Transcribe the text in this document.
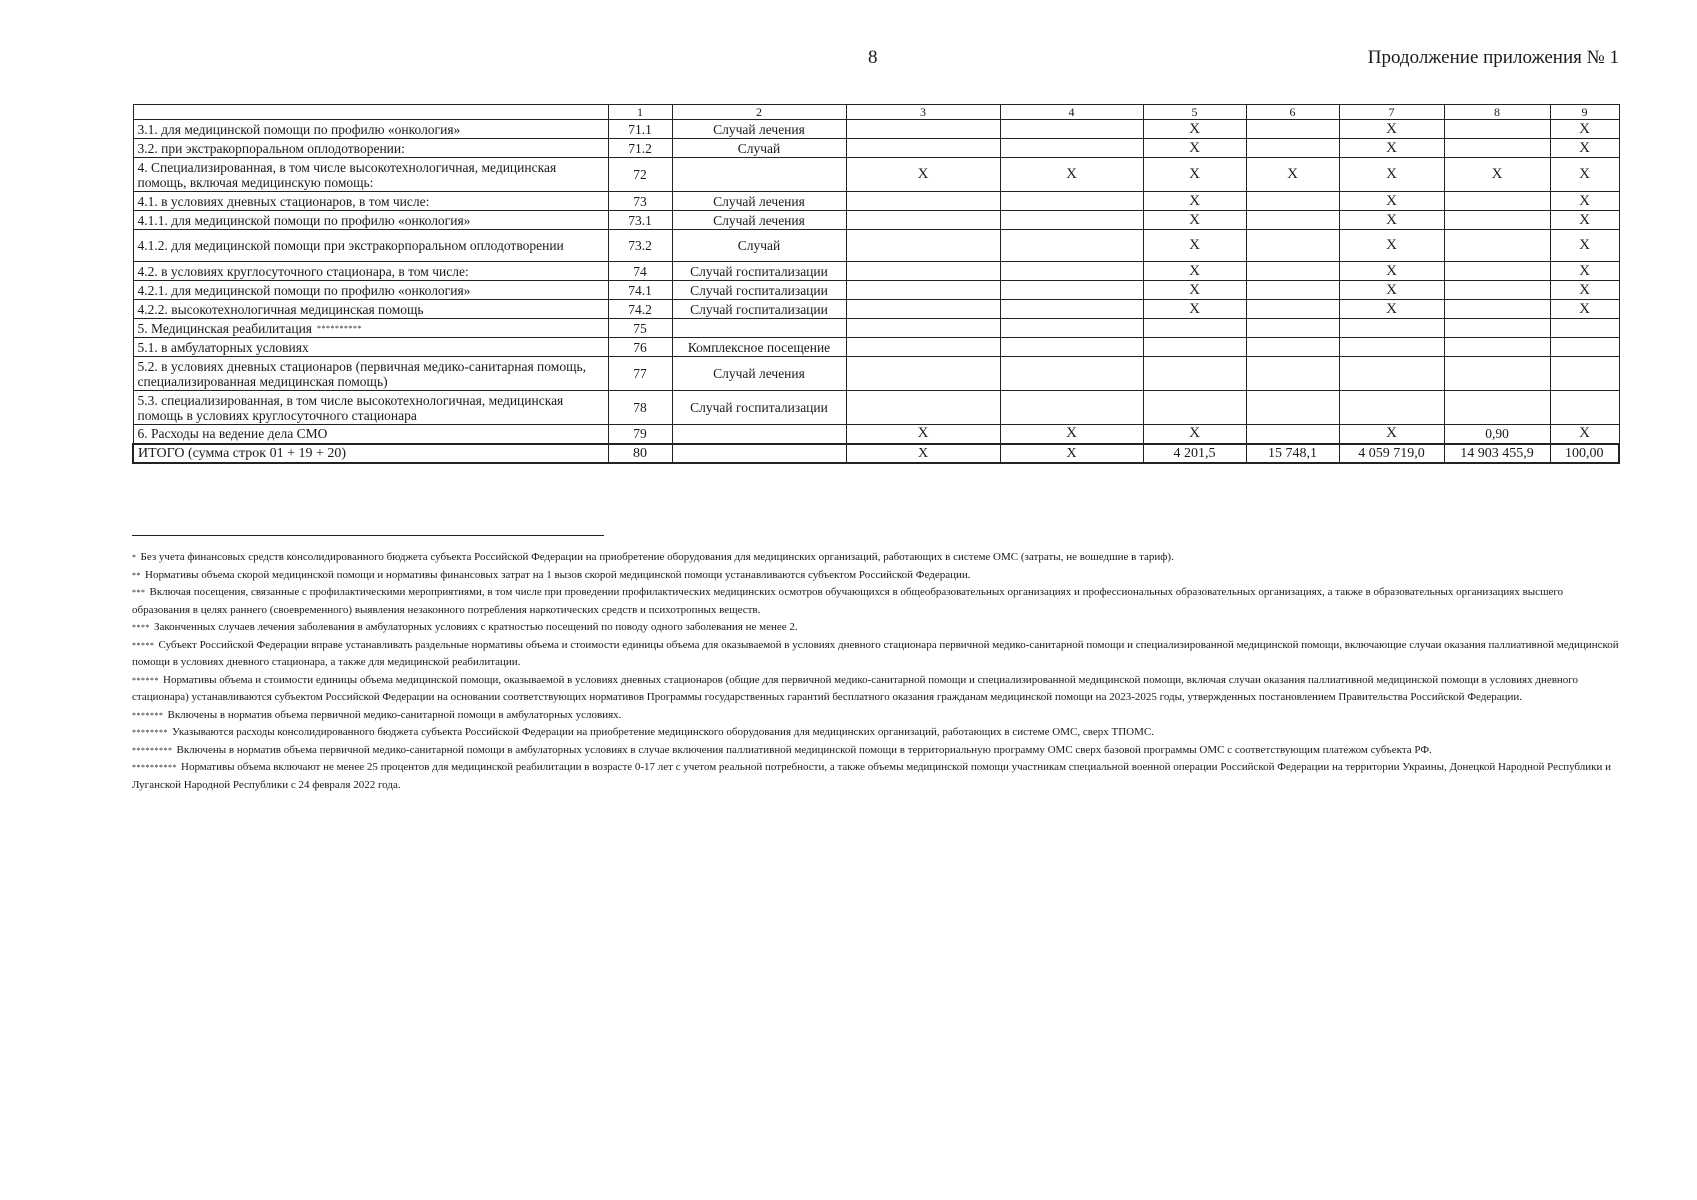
8	Продолжение приложения № 1
	1	2	3	4	5	6	7	8	9
3.1. для медицинской помощи по профилю «онкология»	71.1	Случай лечения			X		X		X
3.2. при экстракорпоральном оплодотворении:	71.2	Случай			X		X		X
4. Специализированная, в том числе высокотехнологичная, медицинская помощь, включая медицинскую помощь:	72		X	X	X	X	X	X	X
4.1. в условиях дневных стационаров, в том числе:	73	Случай лечения			X		X		X
4.1.1. для медицинской помощи по профилю «онкология»	73.1	Случай лечения			X		X		X
4.1.2. для медицинской помощи при экстракорпоральном оплодотворении	73.2	Случай			X		X		X
4.2. в условиях круглосуточного стационара, в том числе:	74	Случай госпитализации			X		X		X
4.2.1. для медицинской помощи по профилю «онкология»	74.1	Случай госпитализации			X		X		X
4.2.2. высокотехнологичная медицинская помощь	74.2	Случай госпитализации			X		X		X
5. Медицинская реабилитация **********	75								
5.1. в амбулаторных условиях	76	Комплексное посещение							
5.2. в условиях дневных стационаров (первичная медико-санитарная помощь, специализированная медицинская помощь)	77	Случай лечения							
5.3. специализированная, в том числе высокотехнологичная, медицинская помощь в условиях круглосуточного стационара	78	Случай госпитализации							
6. Расходы на ведение дела СМО	79		X	X	X		X	0,90	X
ИТОГО (сумма строк 01 + 19 + 20)	80		X	X	4 201,5	15 748,1	4 059 719,0	14 903 455,9	100,00

* Без учета финансовых средств консолидированного бюджета субъекта Российской Федерации на приобретение оборудования для медицинских организаций, работающих в системе ОМС (затраты, не вошедшие в тариф).

** Нормативы объема скорой медицинской помощи и нормативы финансовых затрат на 1 вызов скорой медицинской помощи устанавливаются субъектом Российской Федерации.

*** Включая посещения, связанные с профилактическими мероприятиями, в том числе при проведении профилактических медицинских осмотров обучающихся в общеобразовательных организациях и профессиональных образовательных организациях, а также в образовательных организациях высшего образования в целях раннего (своевременного) выявления незаконного потребления наркотических средств и психотропных веществ.

**** Законченных случаев лечения заболевания в амбулаторных условиях с кратностью посещений по поводу одного заболевания не менее 2.

***** Субъект Российской Федерации вправе устанавливать раздельные нормативы объема и стоимости единицы объема для оказываемой в условиях дневного стационара первичной медико-санитарной помощи и специализированной медицинской помощи, включающие случаи оказания паллиативной медицинской помощи в условиях дневного стационара, а также для медицинской реабилитации.

****** Нормативы объема и стоимости единицы объема медицинской помощи, оказываемой в условиях дневных стационаров (общие для первичной медико-санитарной помощи и специализированной медицинской помощи, включая случаи оказания паллиативной медицинской помощи в условиях дневного стационара) устанавливаются субъектом Российской Федерации на основании соответствующих нормативов Программы государственных гарантий бесплатного оказания гражданам медицинской помощи на 2023-2025 годы, утвержденных постановлением Правительства Российской Федерации.

******* Включены в норматив объема первичной медико-санитарной помощи в амбулаторных условиях.

******** Указываются расходы консолидированного бюджета субъекта Российской Федерации на приобретение медицинского оборудования для медицинских организаций, работающих в системе ОМС, сверх ТПОМС.

********* Включены в норматив объема первичной медико-санитарной помощи в амбулаторных условиях в случае включения паллиативной медицинской помощи в территориальную программу ОМС сверх базовой программы ОМС с соответствующим платежом субъекта РФ.

********** Нормативы объема включают не менее 25 процентов для медицинской реабилитации в возрасте 0-17 лет с учетом реальной потребности, а также объемы медицинской помощи участникам специальной военной операции Российской Федерации на территории Украины, Донецкой Народной Республики и Луганской Народной Республики с 24 февраля 2022 года.
